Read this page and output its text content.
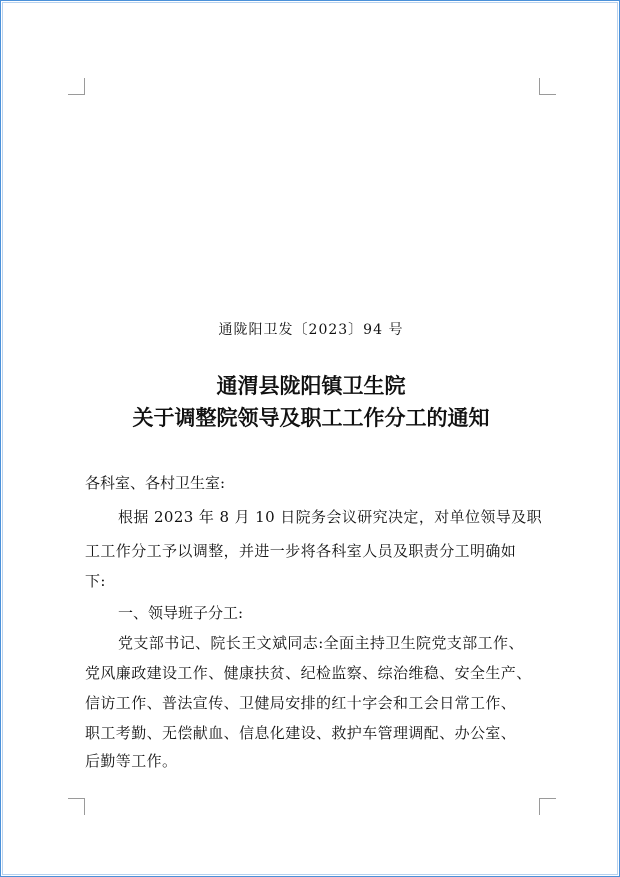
通陇阳卫发〔2023〕94 号
通渭县陇阳镇卫生院
关于调整院领导及职工工作分工的通知
各科室、各村卫生室:
根据 2023 年 8 月 10 日院务会议研究决定，对单位领导及职
工工作分工予以调整，并进一步将各科室人员及职责分工明确如
下:
一、领导班子分工:
党支部书记、院长王文斌同志:全面主持卫生院党支部工作、
党风廉政建设工作、健康扶贫、纪检监察、综治维稳、安全生产、
信访工作、普法宣传、卫健局安排的红十字会和工会日常工作、
职工考勤、无偿献血、信息化建设、救护车管理调配、办公室、
后勤等工作。
